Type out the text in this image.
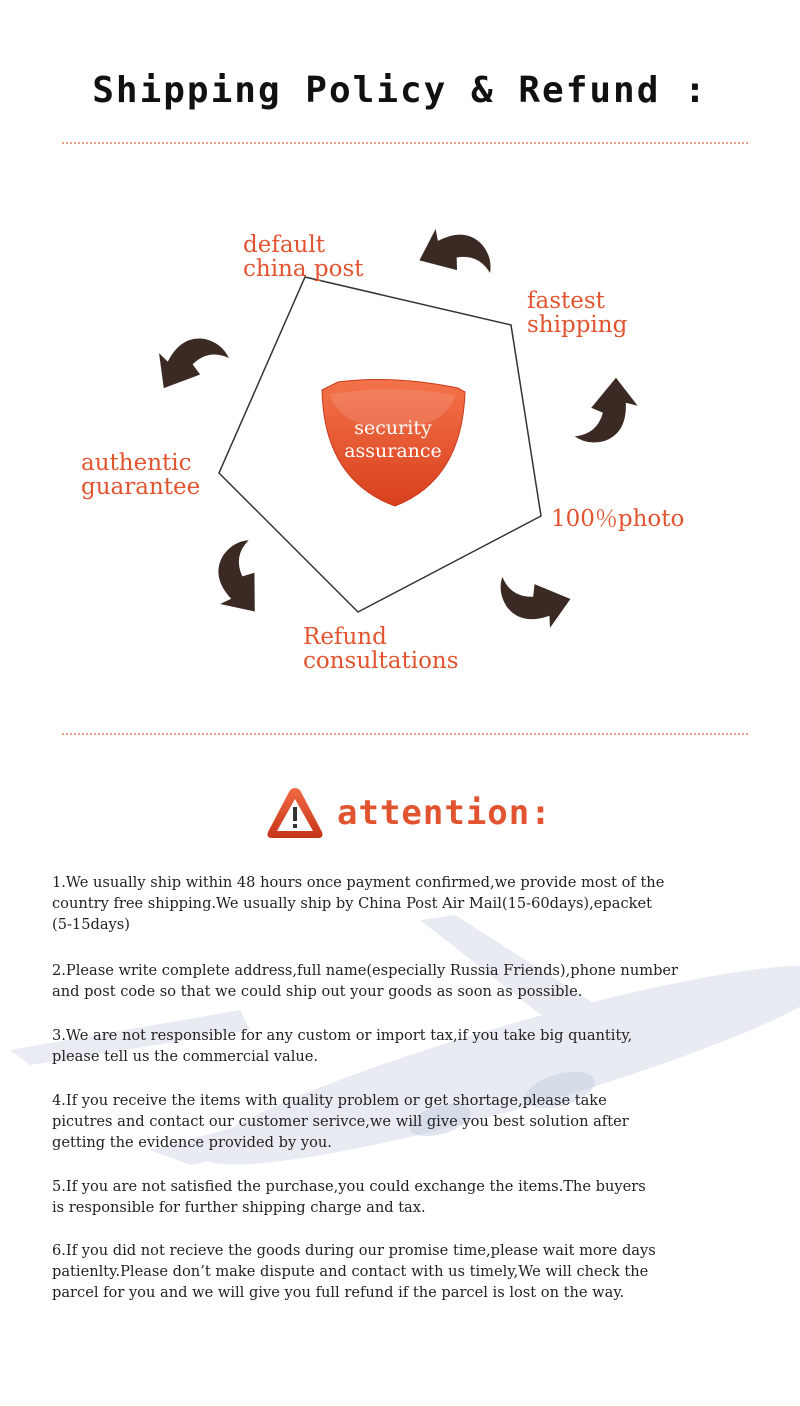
Shipping Policy & Refund :
security
assurance
default
china post
fastest
shipping
100％photo
Refund
consultations
authentic
guarantee
attention:
1.We usually ship within 48 hours once payment confirmed,we provide most of the
country free shipping.We usually ship by China Post Air Mail(15-60days),epacket
(5-15days)
2.Please write complete address,full name(especially Russia Friends),phone number
and post code so that we could ship out your goods as soon as possible.
3.We are not responsible for any custom or import tax,if you take big quantity,
please tell us the commercial value.
4.If you receive the items with quality problem or get shortage,please take
picutres and contact our customer serivce,we will give you best solution after
getting the evidence provided by you.
5.If you are not satisfied the purchase,you could exchange the items.The buyers
is responsible for further shipping charge and tax.
6.If you did not recieve the goods during our promise time,please wait more days
patienlty.Please don’t make dispute and contact with us timely,We will check the
parcel for you and we will give you full refund if the parcel is lost on the way.
